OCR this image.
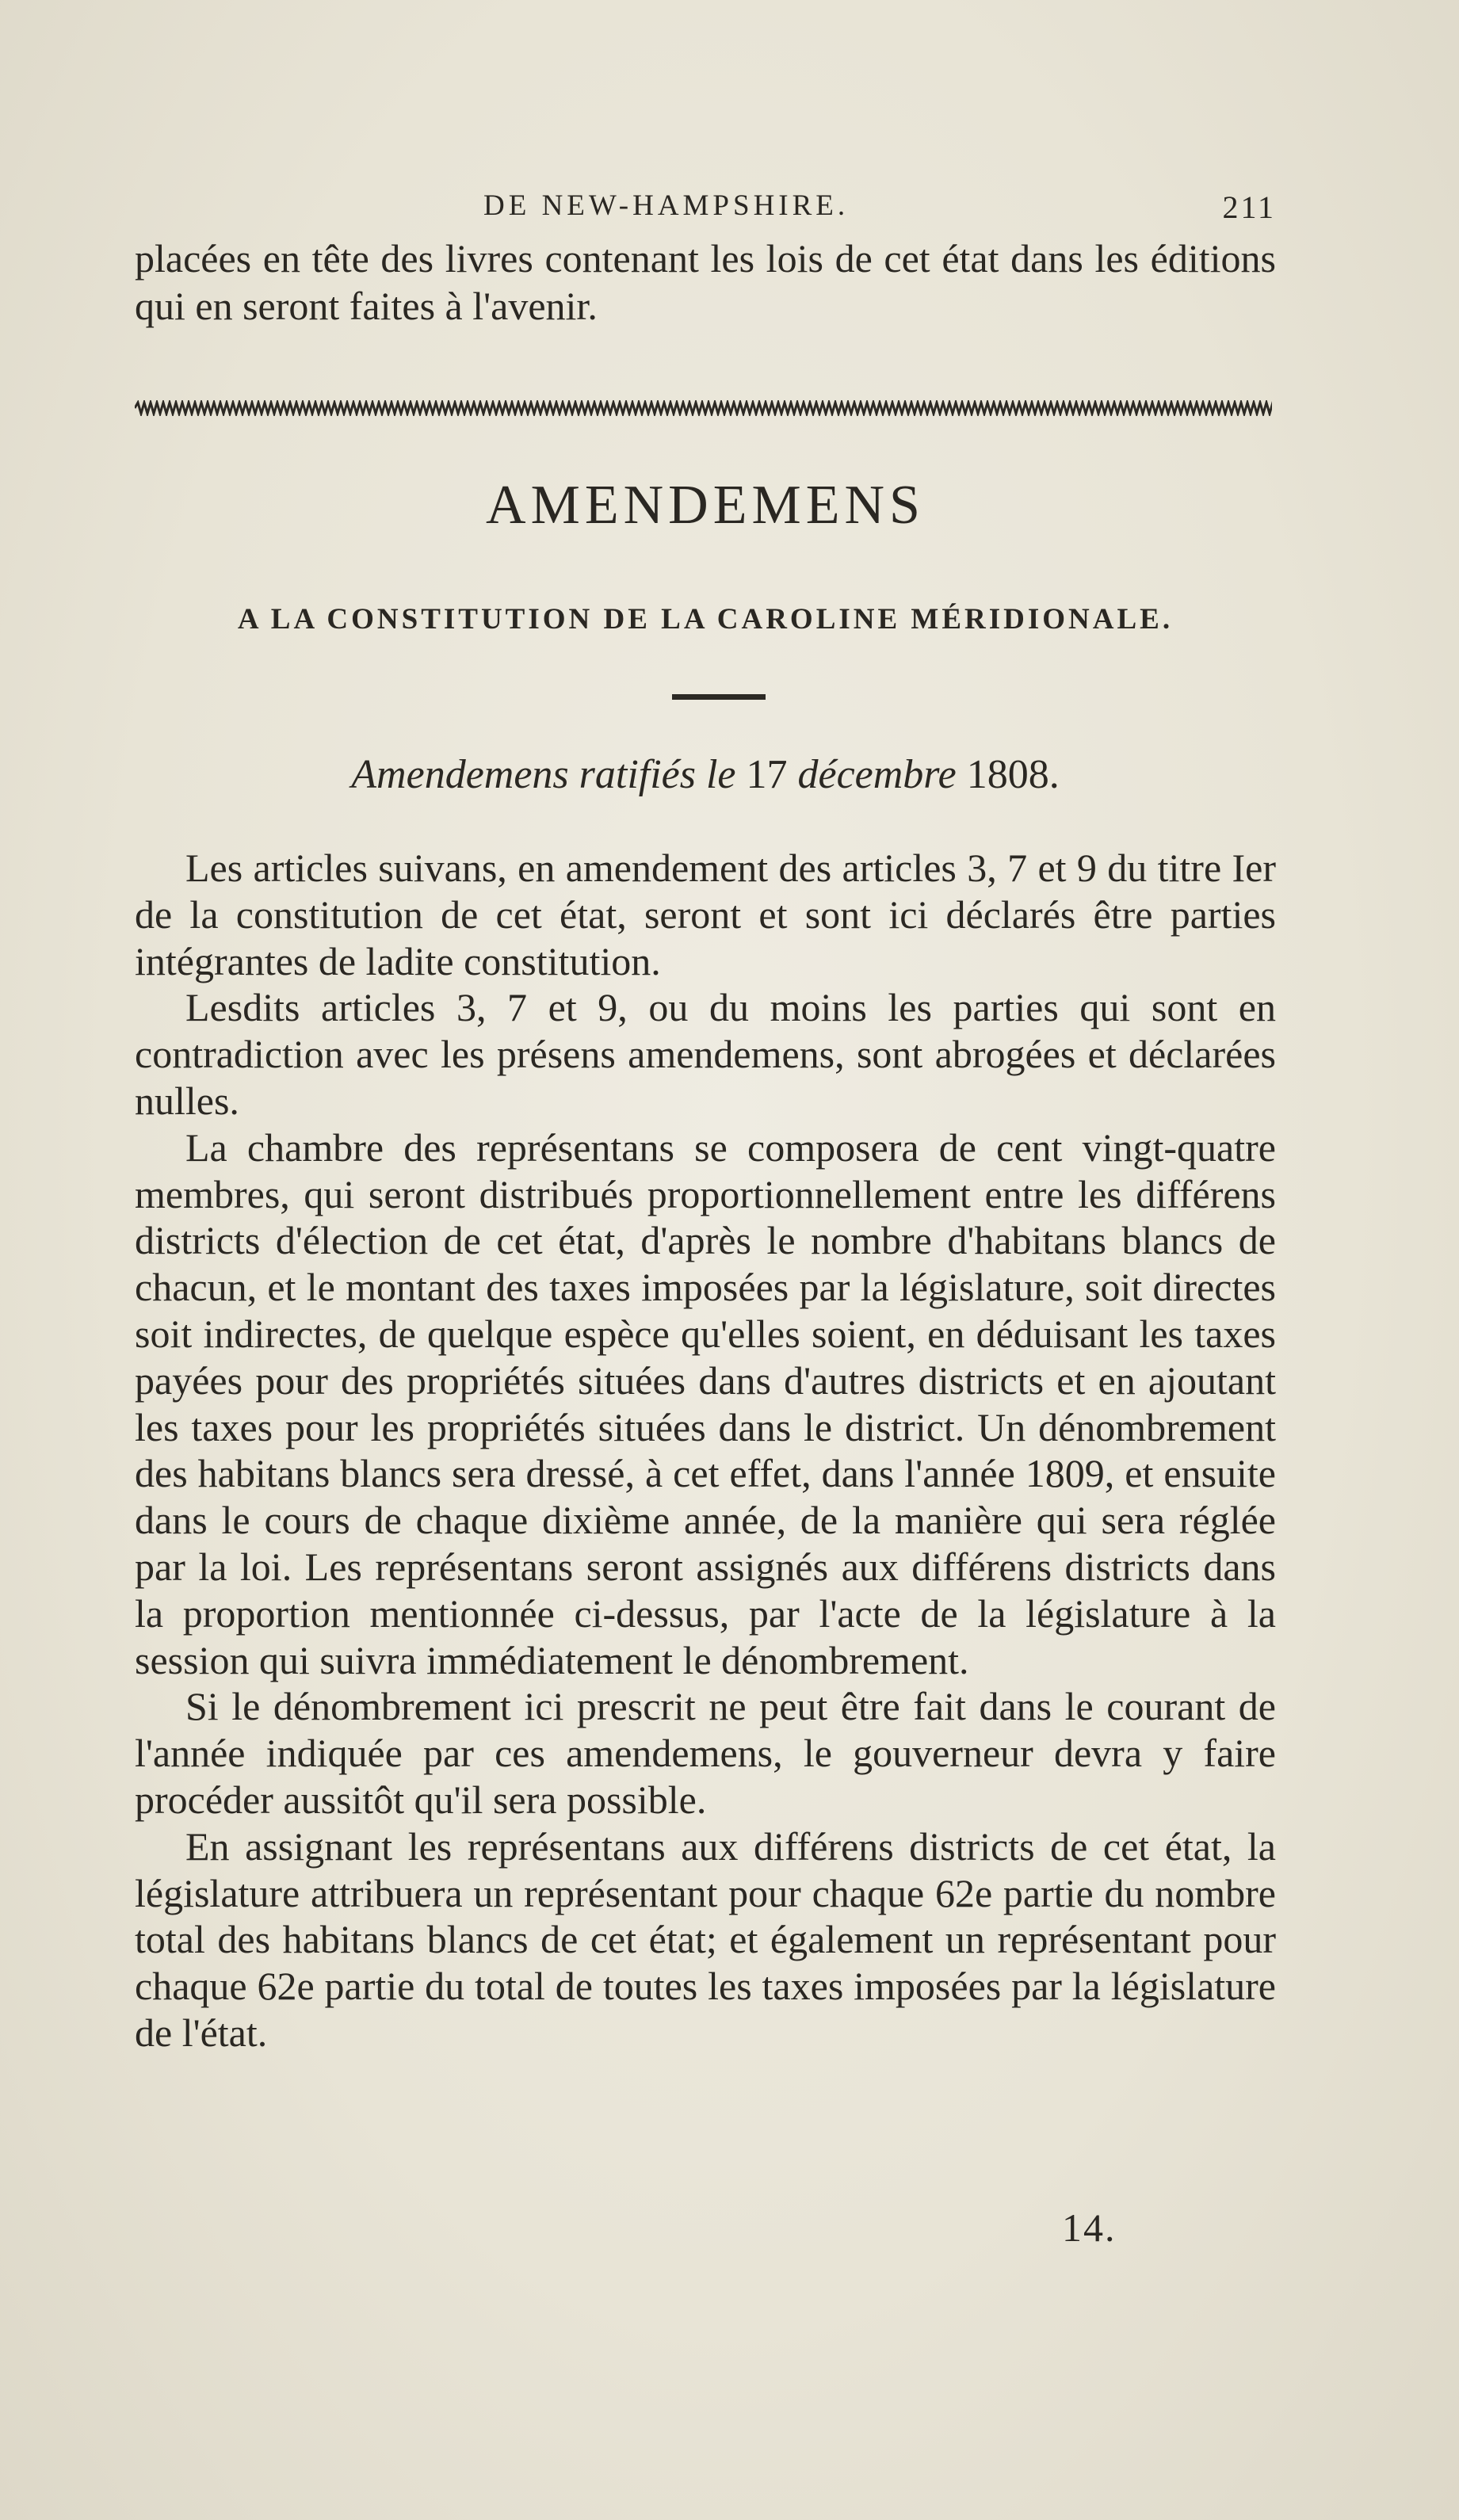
DE NEW-HAMPSHIRE.	211
placées en tête des livres contenant les lois de cet état dans les éditions qui en seront faites à l'avenir.
AMENDEMENS
A LA CONSTITUTION DE LA CAROLINE MÉRIDIONALE.
Amendemens ratifiés le 17 décembre 1808.

Les articles suivans, en amendement des articles 3, 7 et 9 du titre Ier de la constitution de cet état, seront et sont ici déclarés être parties intégrantes de ladite constitution.

Lesdits articles 3, 7 et 9, ou du moins les parties qui sont en contradiction avec les présens amendemens, sont abrogées et déclarées nulles.

La chambre des représentans se composera de cent vingt-quatre membres, qui seront distribués proportionnellement entre les différens districts d'élection de cet état, d'après le nombre d'habitans blancs de chacun, et le montant des taxes imposées par la législature, soit directes soit indirectes, de quelque espèce qu'elles soient, en déduisant les taxes payées pour des propriétés situées dans d'autres districts et en ajoutant les taxes pour les propriétés situées dans le district. Un dénombrement des habitans blancs sera dressé, à cet effet, dans l'année 1809, et ensuite dans le cours de chaque dixième année, de la manière qui sera réglée par la loi. Les représentans seront assignés aux différens districts dans la proportion mentionnée ci-dessus, par l'acte de la législature à la session qui suivra immédiatement le dénombrement.

Si le dénombrement ici prescrit ne peut être fait dans le courant de l'année indiquée par ces amendemens, le gouverneur devra y faire procéder aussitôt qu'il sera possible.

En assignant les représentans aux différens districts de cet état, la législature attribuera un représentant pour chaque 62e partie du nombre total des habitans blancs de cet état; et également un représentant pour chaque 62e partie du total de toutes les taxes imposées par la législature de l'état.

14.
